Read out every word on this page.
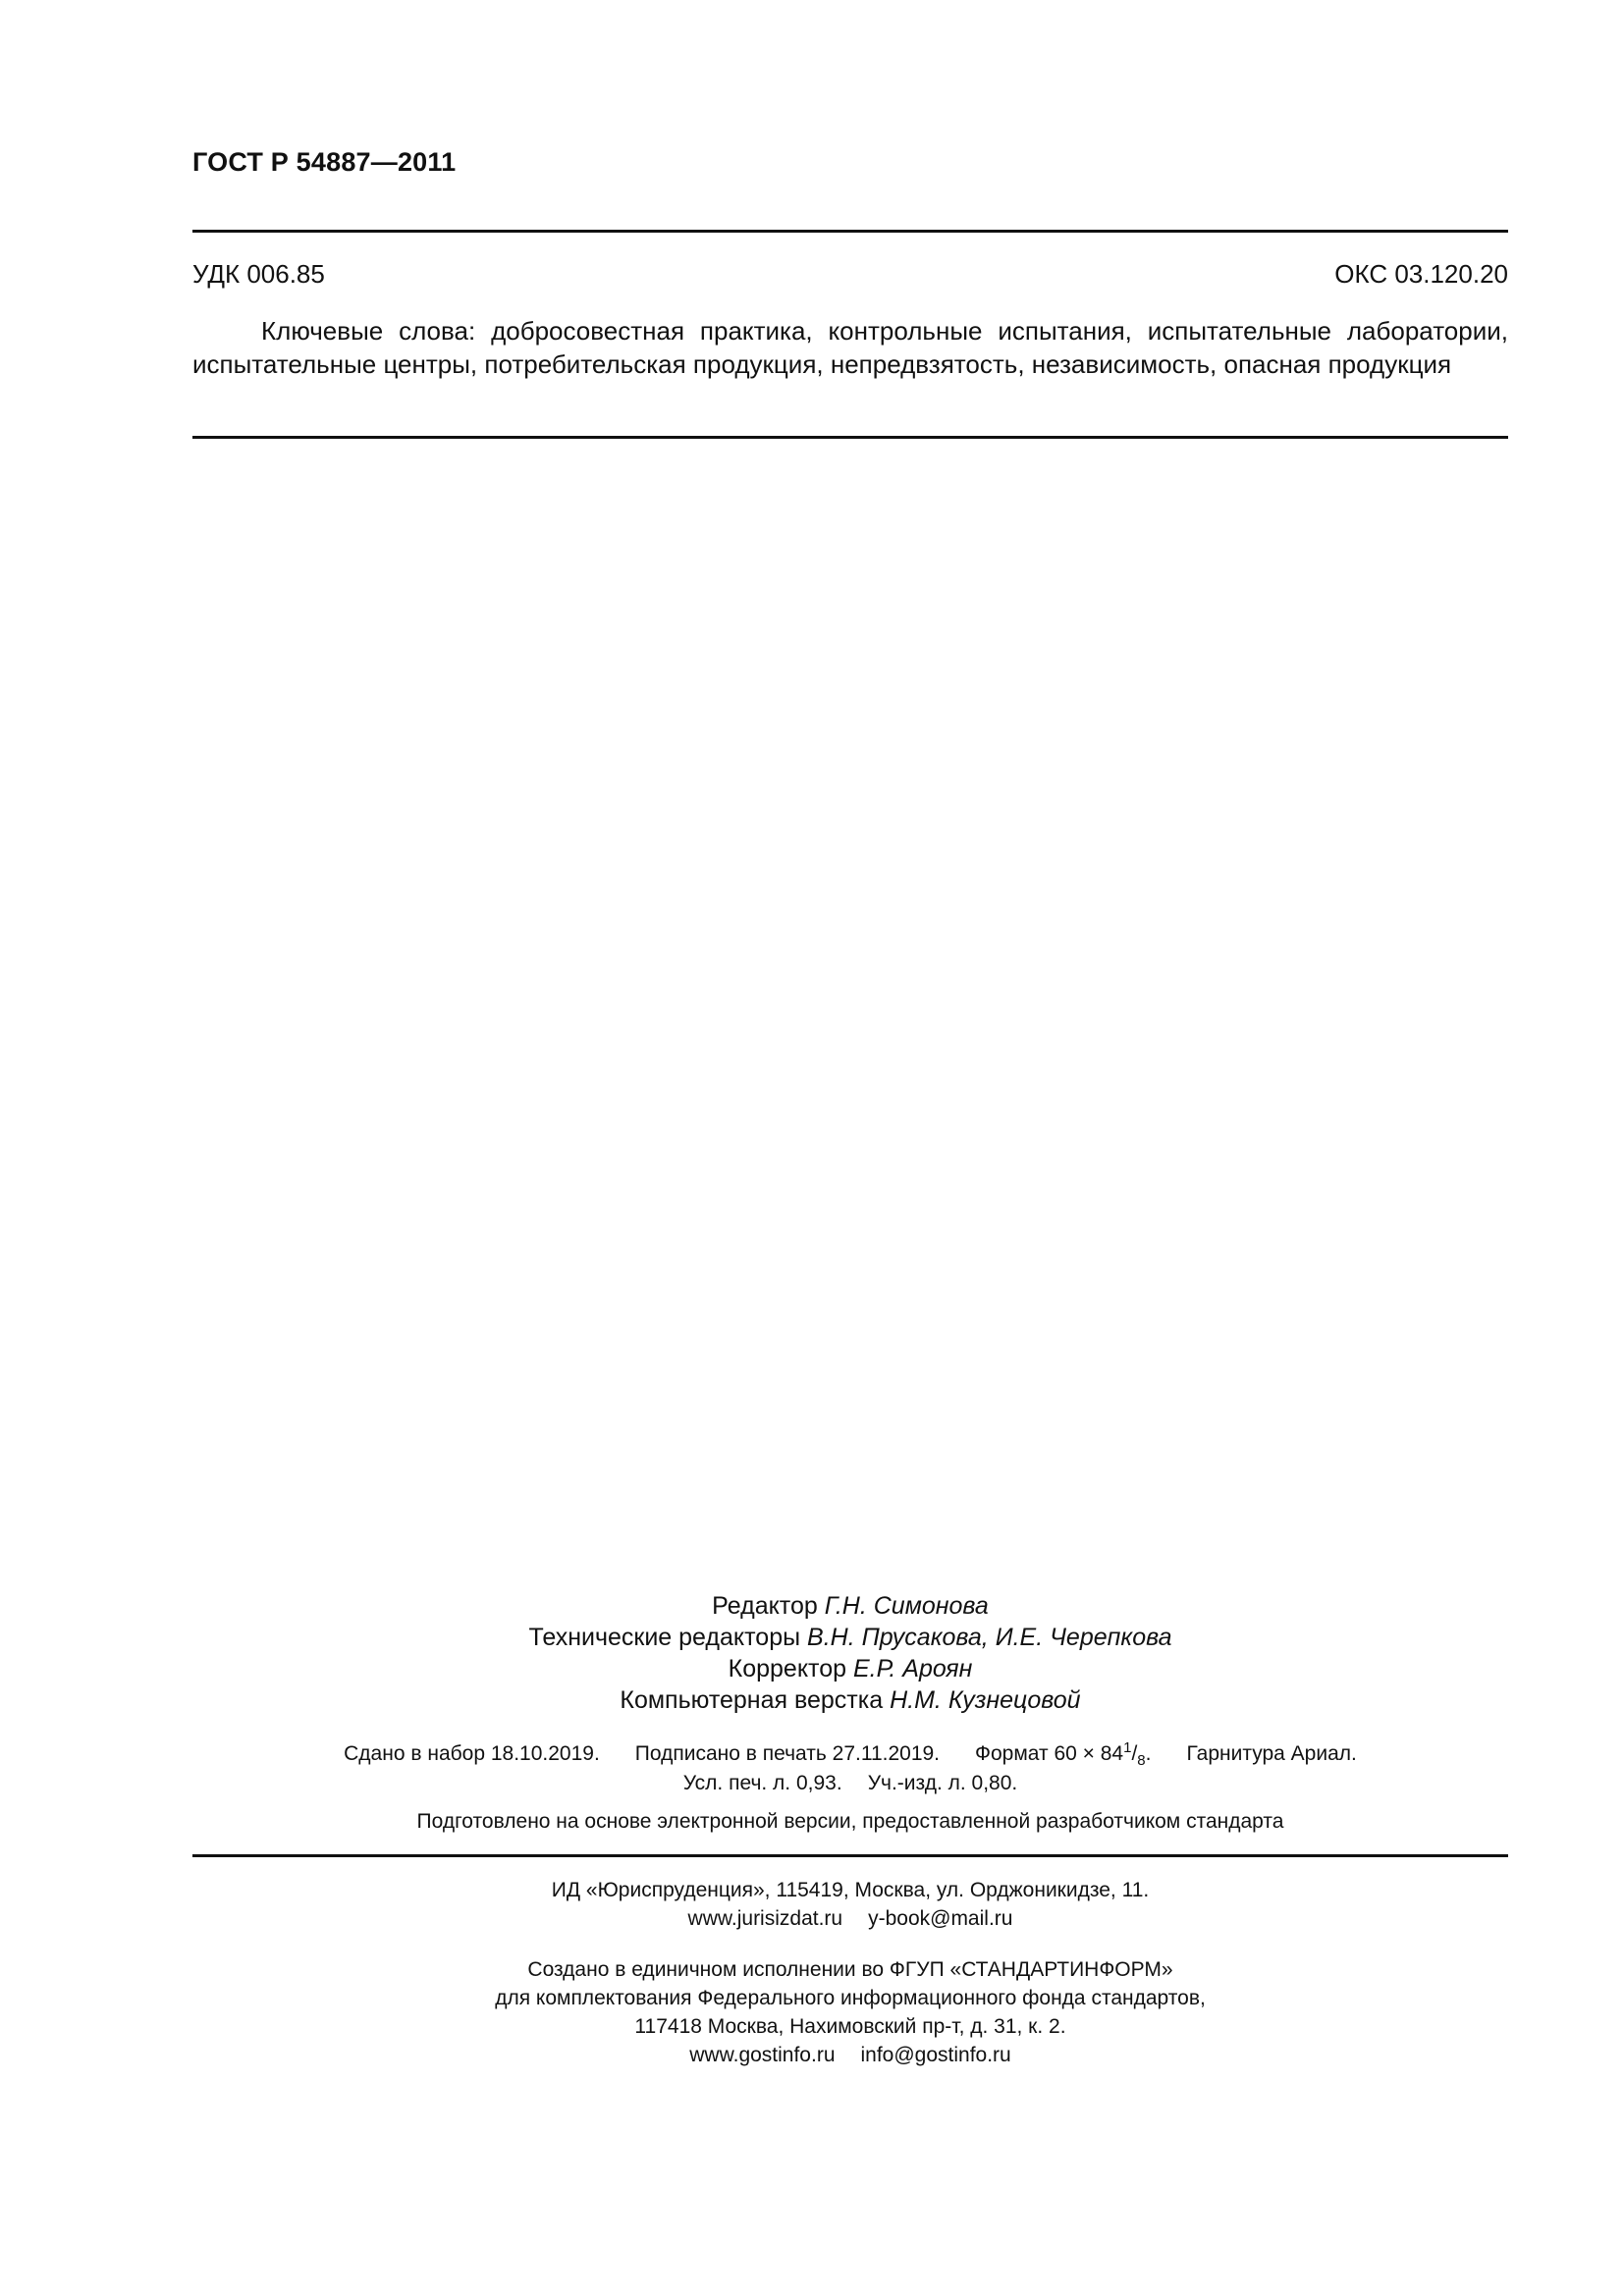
ГОСТ Р 54887—2011
УДК 006.85	ОКС 03.120.20

Ключевые слова: добросовестная практика, контрольные испытания, испытательные лаборатории, испытательные центры, потребительская продукция, непредвзятость, независимость, опасная продукция

Редактор Г.Н. Симонова
Технические редакторы В.Н. Прусакова, И.Е. Черепкова
Корректор Е.Р. Ароян
Компьютерная верстка Н.М. Кузнецовой
Сдано в набор 18.10.2019. Подписано в печать 27.11.2019. Формат $60 \times 84^1/_8$. Гарнитура Ариал.
Усл. печ. л. 0,93. Уч.-изд. л. 0,80.
Подготовлено на основе электронной версии, предоставленной разработчиком стандарта
ИД «Юриспруденция», 115419, Москва, ул. Орджоникидзе, 11.
www.jurisizdat.ru y-book@mail.ru
Создано в единичном исполнении во ФГУП «СТАНДАРТИНФОРМ»
для комплектования Федерального информационного фонда стандартов,
117418 Москва, Нахимовский пр-т, д. 31, к. 2.
www.gostinfo.ru info@gostinfo.ru
